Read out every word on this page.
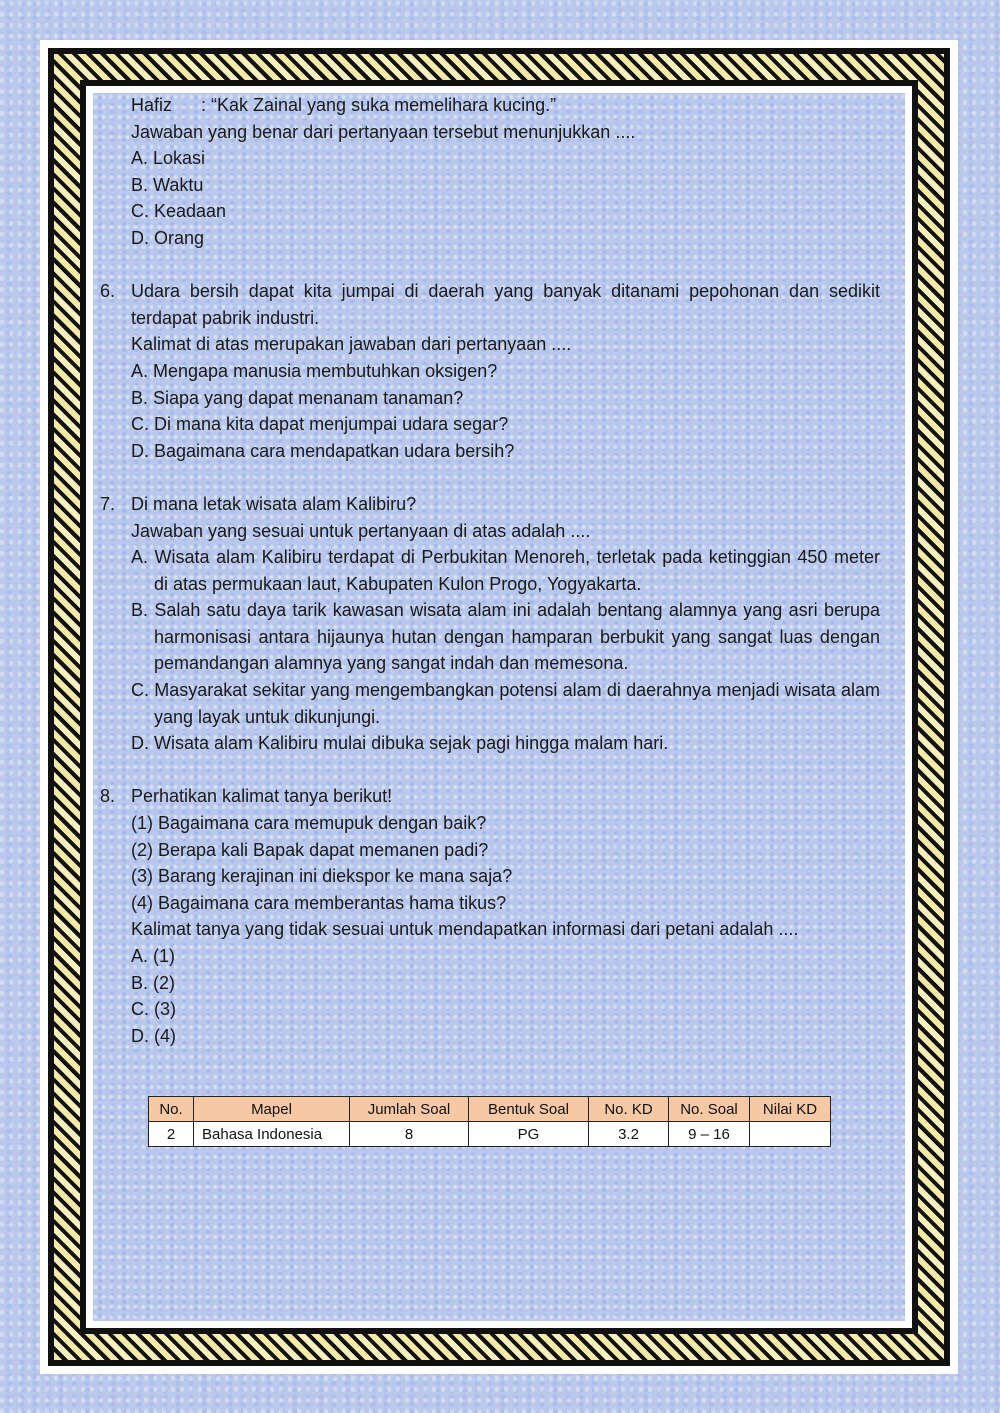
Hafiz : “Kak Zainal yang suka memelihara kucing.”
Jawaban yang benar dari pertanyaan tersebut menunjukkan ....
A. Lokasi
B. Waktu
C. Keadaan
D. Orang
6. Udara bersih dapat kita jumpai di daerah yang banyak ditanami pepohonan dan sedikit terdapat pabrik industri.
Kalimat di atas merupakan jawaban dari pertanyaan ....
A. Mengapa manusia membutuhkan oksigen?
B. Siapa yang dapat menanam tanaman?
C. Di mana kita dapat menjumpai udara segar?
D. Bagaimana cara mendapatkan udara bersih?
7. Di mana letak wisata alam Kalibiru?
Jawaban yang sesuai untuk pertanyaan di atas adalah ....
A. Wisata alam Kalibiru terdapat di Perbukitan Menoreh, terletak pada ketinggian 450 meter di atas permukaan laut, Kabupaten Kulon Progo, Yogyakarta.
B. Salah satu daya tarik kawasan wisata alam ini adalah bentang alamnya yang asri berupa harmonisasi antara hijaunya hutan dengan hamparan berbukit yang sangat luas dengan pemandangan alamnya yang sangat indah dan memesona.
C. Masyarakat sekitar yang mengembangkan potensi alam di daerahnya menjadi wisata alam yang layak untuk dikunjungi.
D. Wisata alam Kalibiru mulai dibuka sejak pagi hingga malam hari.
8. Perhatikan kalimat tanya berikut!
(1) Bagaimana cara memupuk dengan baik?
(2) Berapa kali Bapak dapat memanen padi?
(3) Barang kerajinan ini diekspor ke mana saja?
(4) Bagaimana cara memberantas hama tikus?
Kalimat tanya yang tidak sesuai untuk mendapatkan informasi dari petani adalah ....
A. (1)
B. (2)
C. (3)
D. (4)
No.	Mapel	Jumlah Soal	Bentuk Soal	No. KD	No. Soal	Nilai KD
2	Bahasa Indonesia	8	PG	3.2	9 – 16	
